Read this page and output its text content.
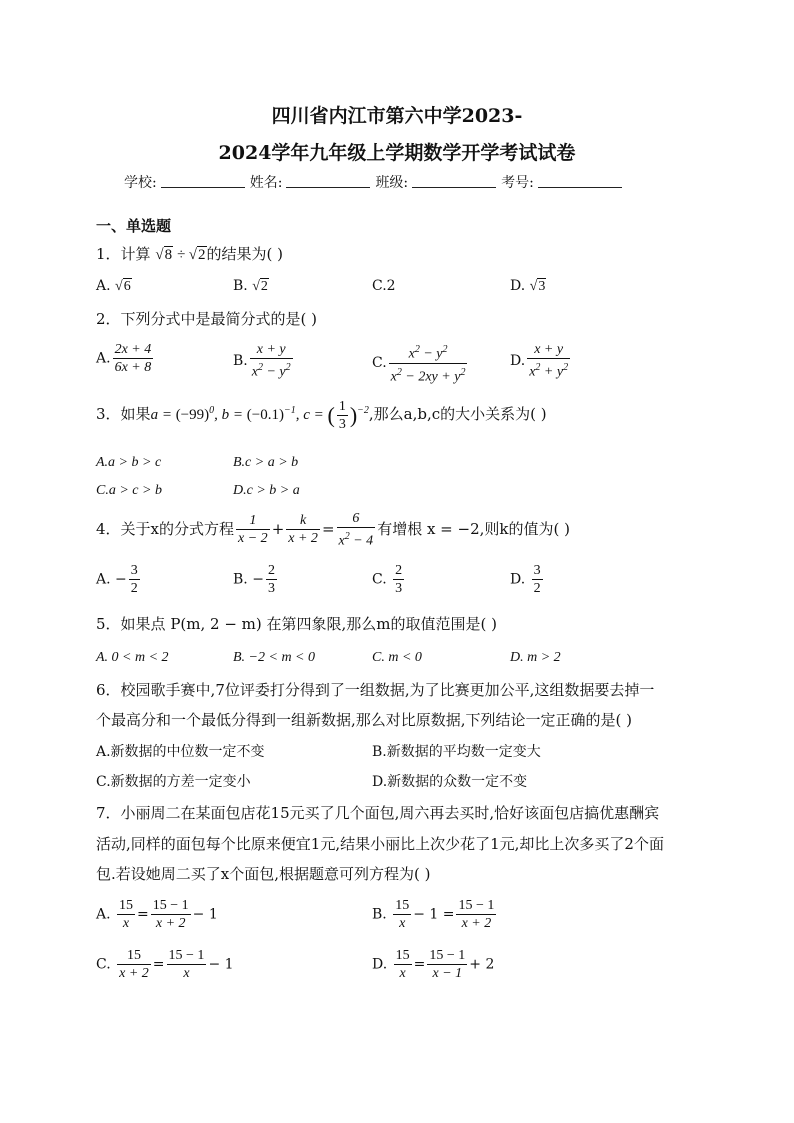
四川省内江市第六中学2023-
2024学年九年级上学期数学开学考试试卷
学校:	姓名:	班级:	考号:
一、单选题
1．计算 √8 ÷ √2的结果为( )
A. √6	B. √2	C.2	D. √3
2．下列分式中是最简分式的是( )
A. $\frac{2x + 4}{6x + 8}$	B. $\frac{x + y}{x^2 - y^2}$	C. $\frac{x^2 - y^2}{x^2 - 2xy + y^2}$	D. $\frac{x + y}{x^2 + y^2}$
3．如果$a = (-99)^0$, $b = (-0.1)^{-1}$, c = ( $\frac{1}{3} )^{-2}$,那么a,b,c的大小关系为( )
A.a > b > c	B.c > a > b
C.a > c > b	D.c > b > a
4．关于x的分式方程 $\frac{1}{x - 2} + \frac{k}{x + 2} = \frac{6}{x^2 - 4}$ 有增根 x = −2,则k的值为( )
A. − $\frac{3}{2}$	B. − $\frac{2}{3}$	C. $\frac{2}{3}$	D. $\frac{3}{2}$
5．如果点 P(m, 2 − m) 在第四象限,那么m的取值范围是( )
A. 0 < m < 2	B. −2 < m < 0	C. m < 0	D. m > 2
6．校园歌手赛中,7位评委打分得到了一组数据,为了比赛更加公平,这组数据要去掉一
个最高分和一个最低分得到一组新数据,那么对比原数据,下列结论一定正确的是( )
A.新数据的中位数一定不变	B.新数据的平均数一定变大
C.新数据的方差一定变小	D.新数据的众数一定不变
7．小丽周二在某面包店花15元买了几个面包,周六再去买时,恰好该面包店搞优惠酬宾
活动,同样的面包每个比原来便宜1元,结果小丽比上次少花了1元,却比上次多买了2个面
包.若设她周二买了x个面包,根据题意可列方程为( )
A. $\frac{15}{x} = \frac{15 - 1}{x + 2} - 1$	B. $\frac{15}{x} - 1 = \frac{15 - 1}{x + 2}$
C. $\frac{15}{x + 2} = \frac{15 - 1}{x} - 1$	D. $\frac{15}{x} = \frac{15 - 1}{x - 1} + 2$
